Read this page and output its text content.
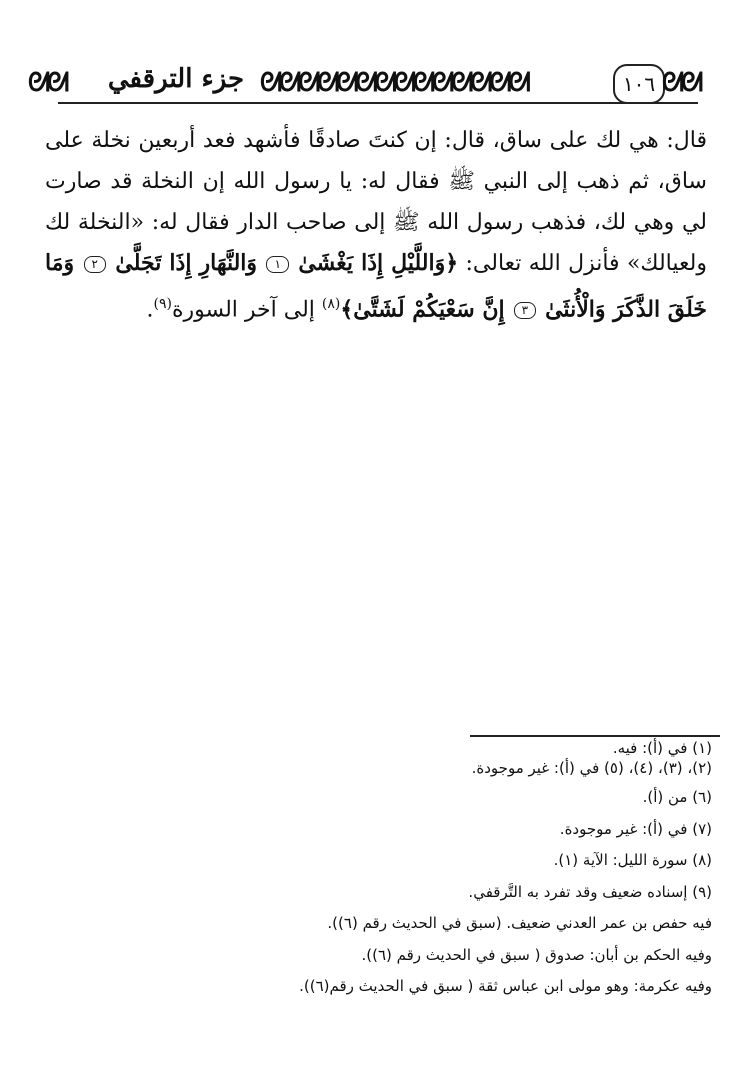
ᘛᘛ	جزء الترقفي ᘛᘛᘛᘛᘛᘛᘛᘛᘛᘛᘛᘛᘛᘛ	١٠٦ ᘛᘛ

قال: هي لك على ساق، قال: إن كنتَ صادقًا فأشهد فعد أربعين نخلة على ساق، ثم ذهب إلى النبي ﷺ فقال له: يا رسول الله إن النخلة قد صارت لي وهي لك، فذهب رسول الله ﷺ إلى صاحب الدار فقال له: «النخلة لك ولعيالك» فأنزل الله تعالى: ﴿وَاللَّيْلِ إِذَا يَغْشَىٰ ١ وَالنَّهَارِ إِذَا تَجَلَّىٰ ٢ وَمَا خَلَقَ الذَّكَرَ وَالْأُنثَىٰ ٣ إِنَّ سَعْيَكُمْ لَشَتَّىٰ﴾$^{(٨)}$ إلى آخر السورة$^{(٩)}$.

(١) في (أ): فيه.
(٢)، (٣)، (٤)، (٥) في (أ): غير موجودة.
(٦) من (أ).
(٧) في (أ): غير موجودة.
(٨) سورة الليل: الآية (١).
(٩) إسناده ضعيف وقد تفرد به التَّرقفي.
فيه حفص بن عمر العدني ضعيف. (سبق في الحديث رقم (٦)).
وفيه الحكم بن أبان: صدوق ( سبق في الحديث رقم (٦)).
وفيه عكرمة: وهو مولى ابن عباس ثقة ( سبق في الحديث رقم(٦)).
